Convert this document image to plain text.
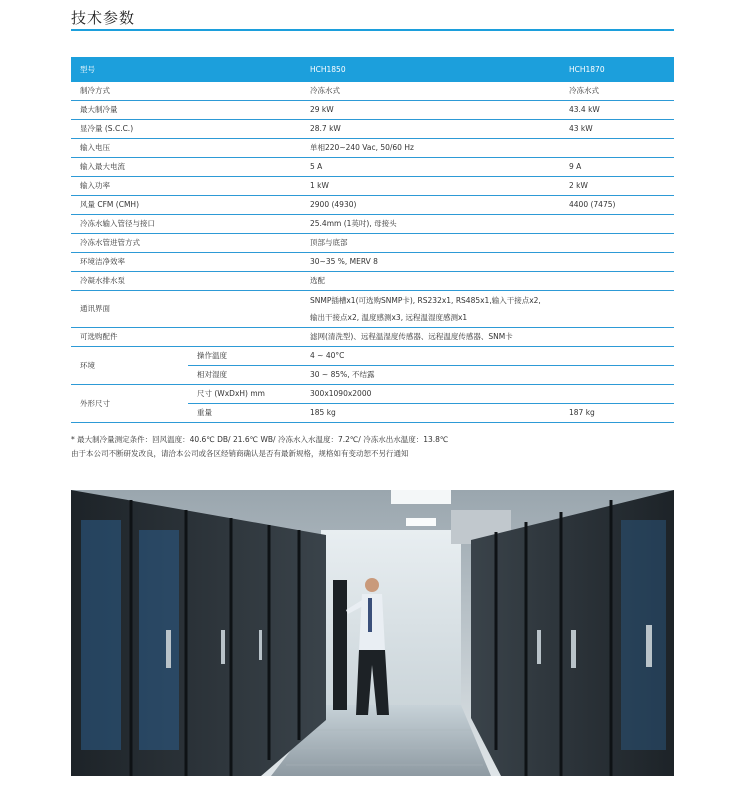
技术参数
型号		HCH1850	HCH1870
制冷方式		冷冻水式	冷冻水式
最大制冷量		29 kW	43.4 kW
显冷量 (S.C.C.)		28.7 kW	43 kW
输入电压		单相220~240 Vac, 50/60 Hz	
输入最大电流		5 A	9 A
输入功率		1 kW	2 kW
风量 CFM (CMH)		2900 (4930)	4400 (7475)
冷冻水输入管径与接口		25.4mm (1英吋), 母接头	
冷冻水管进管方式		顶部与底部	
环境洁净效率		30~35 %, MERV 8	
冷凝水排水泵		选配	
通讯界面		SNMP插槽x1(可选购SNMP卡), RS232x1, RS485x1,输入干接点x2,
输出干接点x2, 温度感测x3, 远程温湿度感测x1	

可选购配件		滤网(清洗型)、远程温湿度传感器、远程温度传感器、SNM卡	
环境	操作温度	4 ~ 40°C	
	相对湿度	30 ~ 85%, 不结露	
外形尺寸	尺寸 (WxDxH) mm	300x1090x2000	
	重量	185 kg	187 kg
* 最大制冷量测定条件：回风温度：40.6℃ DB/ 21.6℃ WB/ 冷冻水入水温度：7.2℃/ 冷冻水出水温度：13.8℃
由于本公司不断研发改良，请洽本公司或各区经销商确认是否有最新规格，规格如有变动恕不另行通知
